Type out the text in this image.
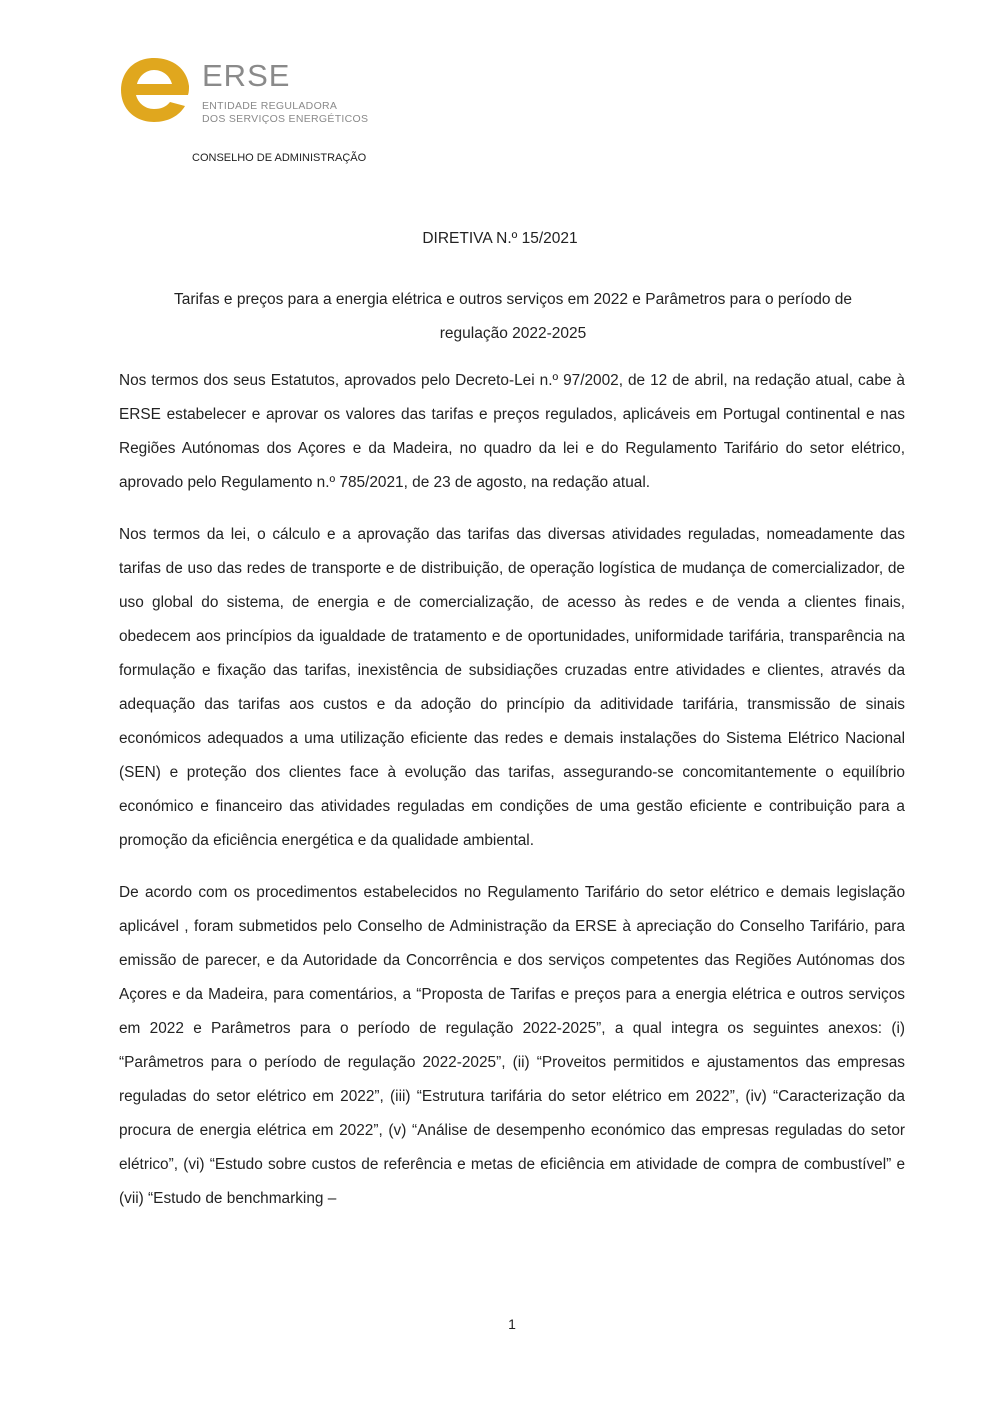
ERSE
ENTIDADE REGULADORA
DOS SERVIÇOS ENERGÉTICOS
CONSELHO DE ADMINISTRAÇÃO
DIRETIVA N.º 15/2021
Tarifas e preços para a energia elétrica e outros serviços em 2022 e Parâmetros para o período de regulação 2022-2025

Nos termos dos seus Estatutos, aprovados pelo Decreto-Lei n.º 97/2002, de 12 de abril, na redação atual, cabe à ERSE estabelecer e aprovar os valores das tarifas e preços regulados, aplicáveis em Portugal continental e nas Regiões Autónomas dos Açores e da Madeira, no quadro da lei e do Regulamento Tarifário do setor elétrico, aprovado pelo Regulamento n.º 785/2021, de 23 de agosto, na redação atual.

Nos termos da lei, o cálculo e a aprovação das tarifas das diversas atividades reguladas, nomeadamente das tarifas de uso das redes de transporte e de distribuição, de operação logística de mudança de comercializador, de uso global do sistema, de energia e de comercialização, de acesso às redes e de venda a clientes finais, obedecem aos princípios da igualdade de tratamento e de oportunidades, uniformidade tarifária, transparência na formulação e fixação das tarifas, inexistência de subsidiações cruzadas entre atividades e clientes, através da adequação das tarifas aos custos e da adoção do princípio da aditividade tarifária, transmissão de sinais económicos adequados a uma utilização eficiente das redes e demais instalações do Sistema Elétrico Nacional (SEN) e proteção dos clientes face à evolução das tarifas, assegurando-se concomitantemente o equilíbrio económico e financeiro das atividades reguladas em condições de uma gestão eficiente e contribuição para a promoção da eficiência energética e da qualidade ambiental.

De acordo com os procedimentos estabelecidos no Regulamento Tarifário do setor elétrico e demais legislação aplicável , foram submetidos pelo Conselho de Administração da ERSE à apreciação do Conselho Tarifário, para emissão de parecer, e da Autoridade da Concorrência e dos serviços competentes das Regiões Autónomas dos Açores e da Madeira, para comentários, a “Proposta de Tarifas e preços para a energia elétrica e outros serviços em 2022 e Parâmetros para o período de regulação 2022-2025”, a qual integra os seguintes anexos: (i) “Parâmetros para o período de regulação 2022-2025”, (ii) “Proveitos permitidos e ajustamentos das empresas reguladas do setor elétrico em 2022”, (iii) “Estrutura tarifária do setor elétrico em 2022”, (iv) “Caracterização da procura de energia elétrica em 2022”, (v) “Análise de desempenho económico das empresas reguladas do setor elétrico”, (vi) “Estudo sobre custos de referência e metas de eficiência em atividade de compra de combustível” e (vii) “Estudo de benchmarking –

1
